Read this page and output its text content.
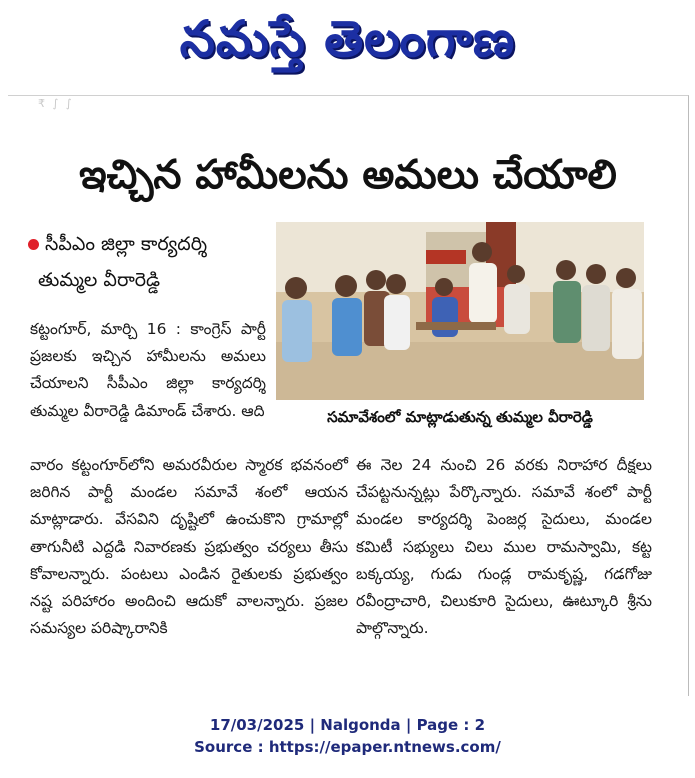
నమస్తే తెలంగాణ
₹ ∫ ∫
ఇచ్చిన హామీలను అమలు చేయాలి
సీపీఎం జిల్లా కార్యదర్శి
తుమ్మల వీరారెడ్డి
సమావేశంలో మాట్లాడుతున్న తుమ్మల వీరారెడ్డి

కట్టంగూర్, మార్చి 16 : కాంగ్రెస్ పార్టీ ప్రజలకు ఇచ్చిన హామీలను అమలు చేయాలని సీపీఎం జిల్లా కార్యదర్శి తుమ్మల వీరారెడ్డి డిమాండ్ చేశారు. ఆది

వారం కట్టంగూర్‌లోని అమరవీరుల స్మారక భవనంలో జరిగిన పార్టీ మండల సమావే శంలో ఆయన మాట్లాడారు. వేసవిని దృష్టిలో ఉంచుకొని గ్రామాల్లో తాగునీటి ఎద్దడి నివారణకు ప్రభుత్వం చర్యలు తీసు కోవాలన్నారు. పంటలు ఎండిన రైతులకు ప్రభుత్వం నష్ట పరిహారం అందించి ఆదుకో వాలన్నారు. ప్రజల సమస్యల పరిష్కారానికి

ఈ నెల 24 నుంచి 26 వరకు నిరాహార దీక్షలు చేపట్టనున్నట్లు పేర్కొన్నారు. సమావే శంలో పార్టీ మండల కార్యదర్శి పెంజర్ల సైదులు, మండల కమిటీ సభ్యులు చిలు ముల రామస్వామి, కట్ట బక్కయ్య, గుడు గుండ్ల రామకృష్ణ, గడగోజు రవీంద్రాచారి, చిలుకూరి సైదులు, ఊట్కూరి శ్రీను పాల్గొన్నారు.

17/03/2025 | Nalgonda | Page : 2
Source : https://epaper.ntnews.com/
